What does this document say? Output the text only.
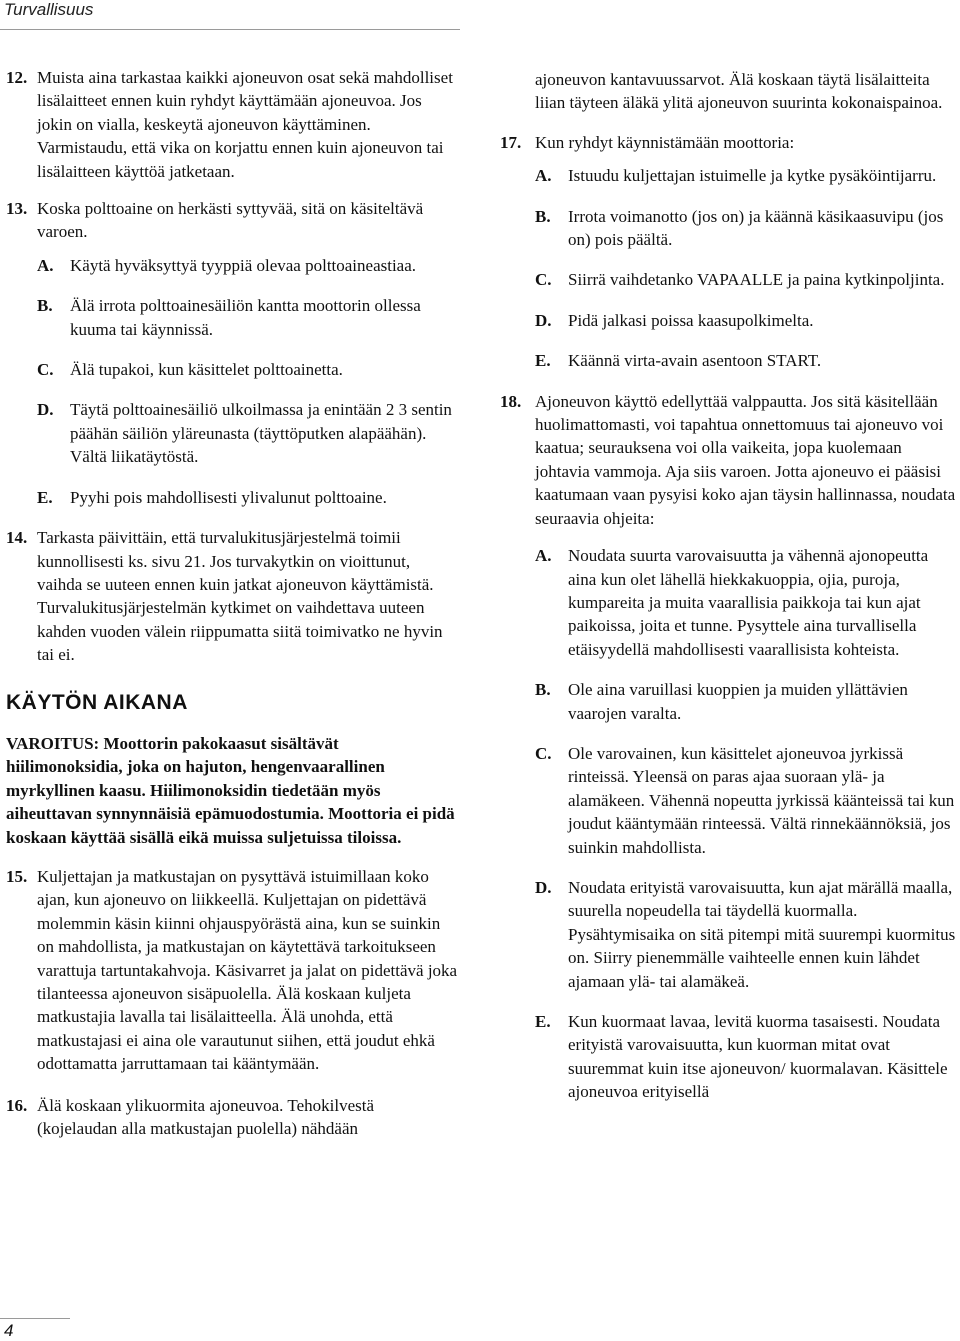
Turvallisuus

12. Muista aina tarkastaa kaikki ajoneuvon osat sekä mahdolliset lisälaitteet ennen kuin ryhdyt käyttämään ajoneuvoa. Jos jokin on vialla, keskeytä ajoneuvon käyttäminen. Varmistaudu, että vika on korjattu ennen kuin ajoneuvon tai lisälaitteen käyttöä jatketaan.

13. Koska polttoaine on herkästi syttyvää, sitä on käsiteltävä varoen.

A. Käytä hyväksyttyä tyyppiä olevaa polttoaineastiaa.

B. Älä irrota polttoainesäiliön kantta moottorin ollessa kuuma tai käynnissä.

C. Älä tupakoi, kun käsittelet polttoainetta.

D. Täytä polttoainesäiliö ulkoilmassa ja enintään 2 3 sentin päähän säiliön yläreunasta (täyttöputken alapäähän). Vältä liikatäytöstä.

E. Pyyhi pois mahdollisesti ylivalunut polttoaine.

14. Tarkasta päivittäin, että turvalukitusjärjestelmä toimii kunnollisesti ks. sivu 21. Jos turvakytkin on vioittunut, vaihda se uuteen ennen kuin jatkat ajoneuvon käyttämistä. Turvalukitusjärjestelmän kytkimet on vaihdettava uuteen kahden vuoden välein riippumatta siitä toimivatko ne hyvin tai ei.

KÄYTÖN AIKANA

VAROITUS: Moottorin pakokaasut sisältävät hiilimonoksidia, joka on hajuton, hengenvaarallinen myrkyllinen kaasu. Hiilimonoksidin tiedetään myös aiheuttavan synnynnäisiä epämuodostumia. Moottoria ei pidä koskaan käyttää sisällä eikä muissa suljetuissa tiloissa.

15. Kuljettajan ja matkustajan on pysyttävä istuimillaan koko ajan, kun ajoneuvo on liikkeellä. Kuljettajan on pidettävä molemmin käsin kiinni ohjauspyörästä aina, kun se suinkin on mahdollista, ja matkustajan on käytettävä tarkoitukseen varattuja tartuntakahvoja. Käsivarret ja jalat on pidettävä joka tilanteessa ajoneuvon sisäpuolella. Älä koskaan kuljeta matkustajia lavalla tai lisälaitteella. Älä unohda, että matkustajasi ei aina ole varautunut siihen, että joudut ehkä odottamatta jarruttamaan tai kääntymään.

16. Älä koskaan ylikuormita ajoneuvoa. Tehokilvestä (kojelaudan alla matkustajan puolella) nähdään

ajoneuvon kantavuussarvot. Älä koskaan täytä lisälaitteita liian täyteen äläkä ylitä ajoneuvon suurinta kokonaispainoa.

17. Kun ryhdyt käynnistämään moottoria:

A. Istuudu kuljettajan istuimelle ja kytke pysäköintijarru.

B. Irrota voimanotto (jos on) ja käännä käsikaasuvipu (jos on) pois päältä.

C. Siirrä vaihdetanko VAPAALLE ja paina kytkinpoljinta.

D. Pidä jalkasi poissa kaasupolkimelta.

E. Käännä virta-avain asentoon START.

18. Ajoneuvon käyttö edellyttää valppautta. Jos sitä käsitellään huolimattomasti, voi tapahtua onnettomuus tai ajoneuvo voi kaatua; seurauksena voi olla vaikeita, jopa kuolemaan johtavia vammoja. Aja siis varoen. Jotta ajoneuvo ei pääsisi kaatumaan vaan pysyisi koko ajan täysin hallinnassa, noudata seuraavia ohjeita:

A. Noudata suurta varovaisuutta ja vähennä ajonopeutta aina kun olet lähellä hiekkakuoppia, ojia, puroja, kumpareita ja muita vaarallisia paikkoja tai kun ajat paikoissa, joita et tunne. Pysyttele aina turvallisella etäisyydellä mahdollisesti vaarallisista kohteista.

B. Ole aina varuillasi kuoppien ja muiden yllättävien vaarojen varalta.

C. Ole varovainen, kun käsittelet ajoneuvoa jyrkissä rinteissä. Yleensä on paras ajaa suoraan ylä- ja alamäkeen. Vähennä nopeutta jyrkissä käänteissä tai kun joudut kääntymään rinteessä. Vältä rinnekäännöksiä, jos suinkin mahdollista.

D. Noudata erityistä varovaisuutta, kun ajat märällä maalla, suurella nopeudella tai täydellä kuormalla. Pysähtymisaika on sitä pitempi mitä suurempi kuormitus on. Siirry pienemmälle vaihteelle ennen kuin lähdet ajamaan ylä- tai alamäkeä.

E. Kun kuormaat lavaa, levitä kuorma tasaisesti. Noudata erityistä varovaisuutta, kun kuorman mitat ovat suuremmat kuin itse ajoneuvon/ kuormalavan. Käsittele ajoneuvoa erityisellä

4
